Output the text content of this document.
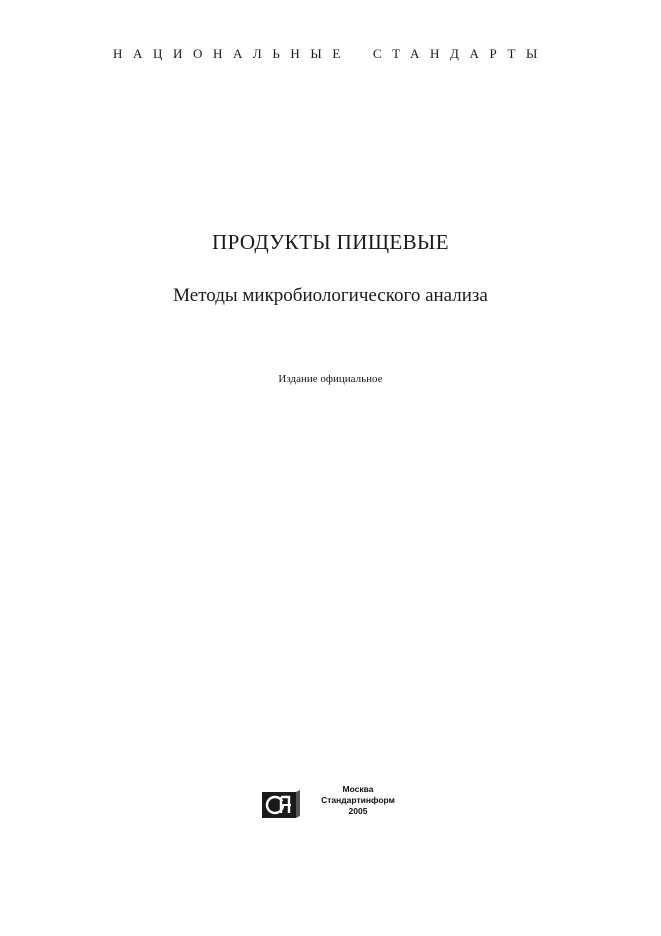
НАЦИОНАЛЬНЫЕ СТАНДАРТЫ
ПРОДУКТЫ ПИЩЕВЫЕ
Методы микробиологического анализа
Издание официальное
Москва
Стандартинформ
2005
